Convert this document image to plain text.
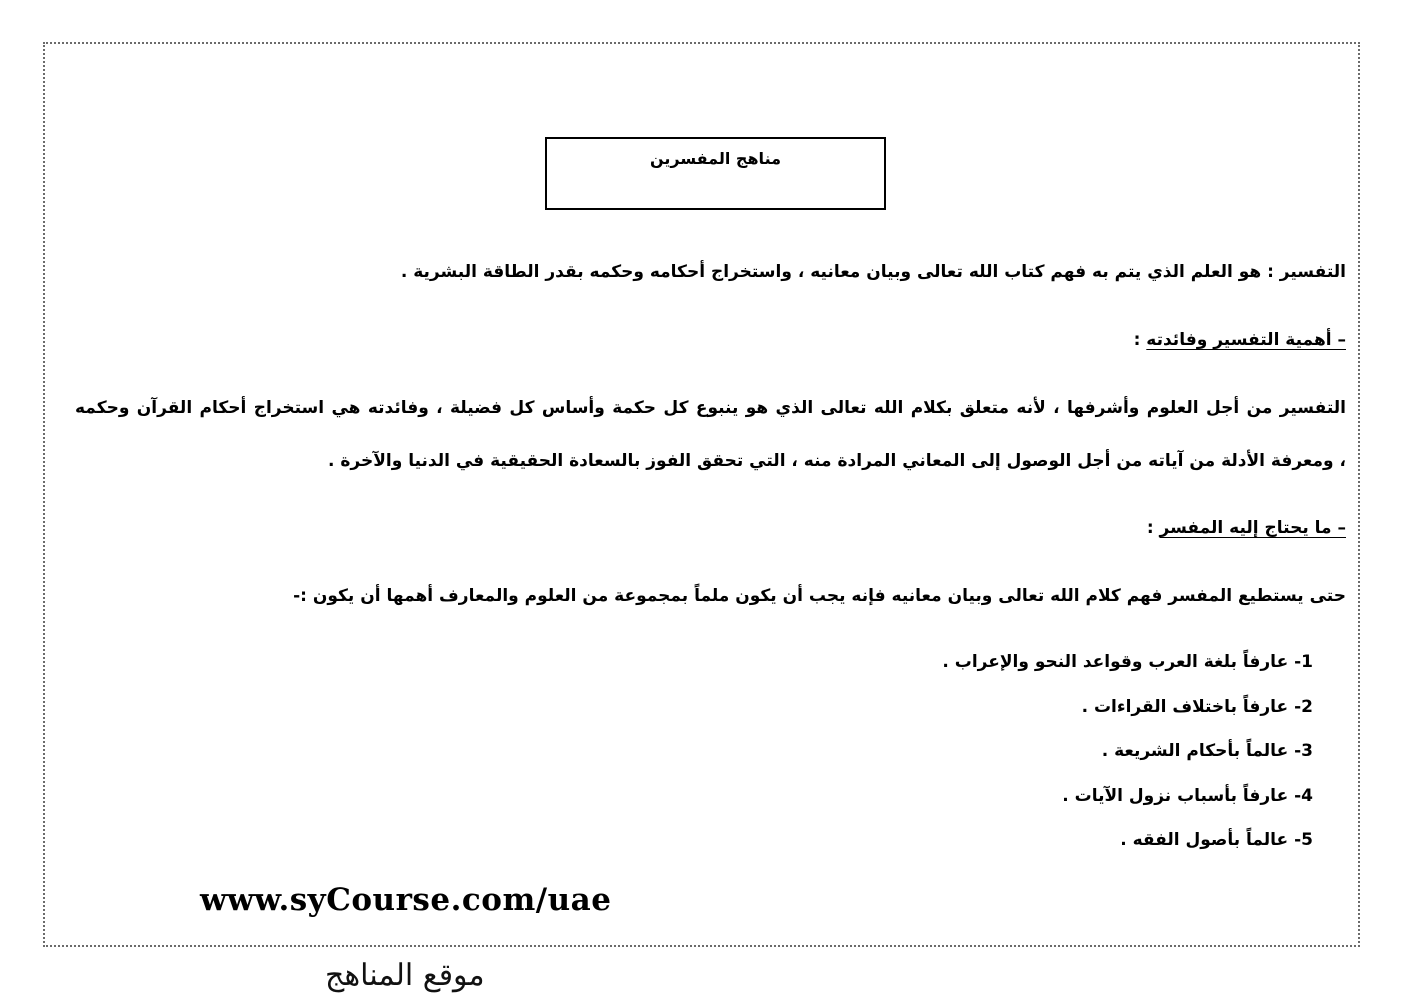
مناهج المفسرين
التفسير : هو العلم الذي يتم به فهم كتاب الله تعالى وبيان معانيه ، واستخراج أحكامه وحكمه بقدر الطاقة البشرية .
– أهمية التفسير وفائدته :
التفسير من أجل العلوم وأشرفها ، لأنه متعلق بكلام الله تعالى الذي هو ينبوع كل حكمة وأساس كل فضيلة ، وفائدته هي استخراج أحكام القرآن وحكمه
، ومعرفة الأدلة من آياته من أجل الوصول إلى المعاني المرادة منه ، التي تحقق الفوز بالسعادة الحقيقية في الدنيا والآخرة .
– ما يحتاج إليه المفسر :
حتى يستطيع المفسر فهم كلام الله تعالى وبيان معانيه فإنه يجب أن يكون ملماً بمجموعة من العلوم والمعارف أهمها أن يكون :-
1- عارفاً بلغة العرب وقواعد النحو والإعراب .
2- عارفاً باختلاف القراءات .
3- عالماً بأحكام الشريعة .
4- عارفاً بأسباب نزول الآيات .
5- عالماً بأصول الفقه .
www.syCourse.com/uae
موقع المناهج
